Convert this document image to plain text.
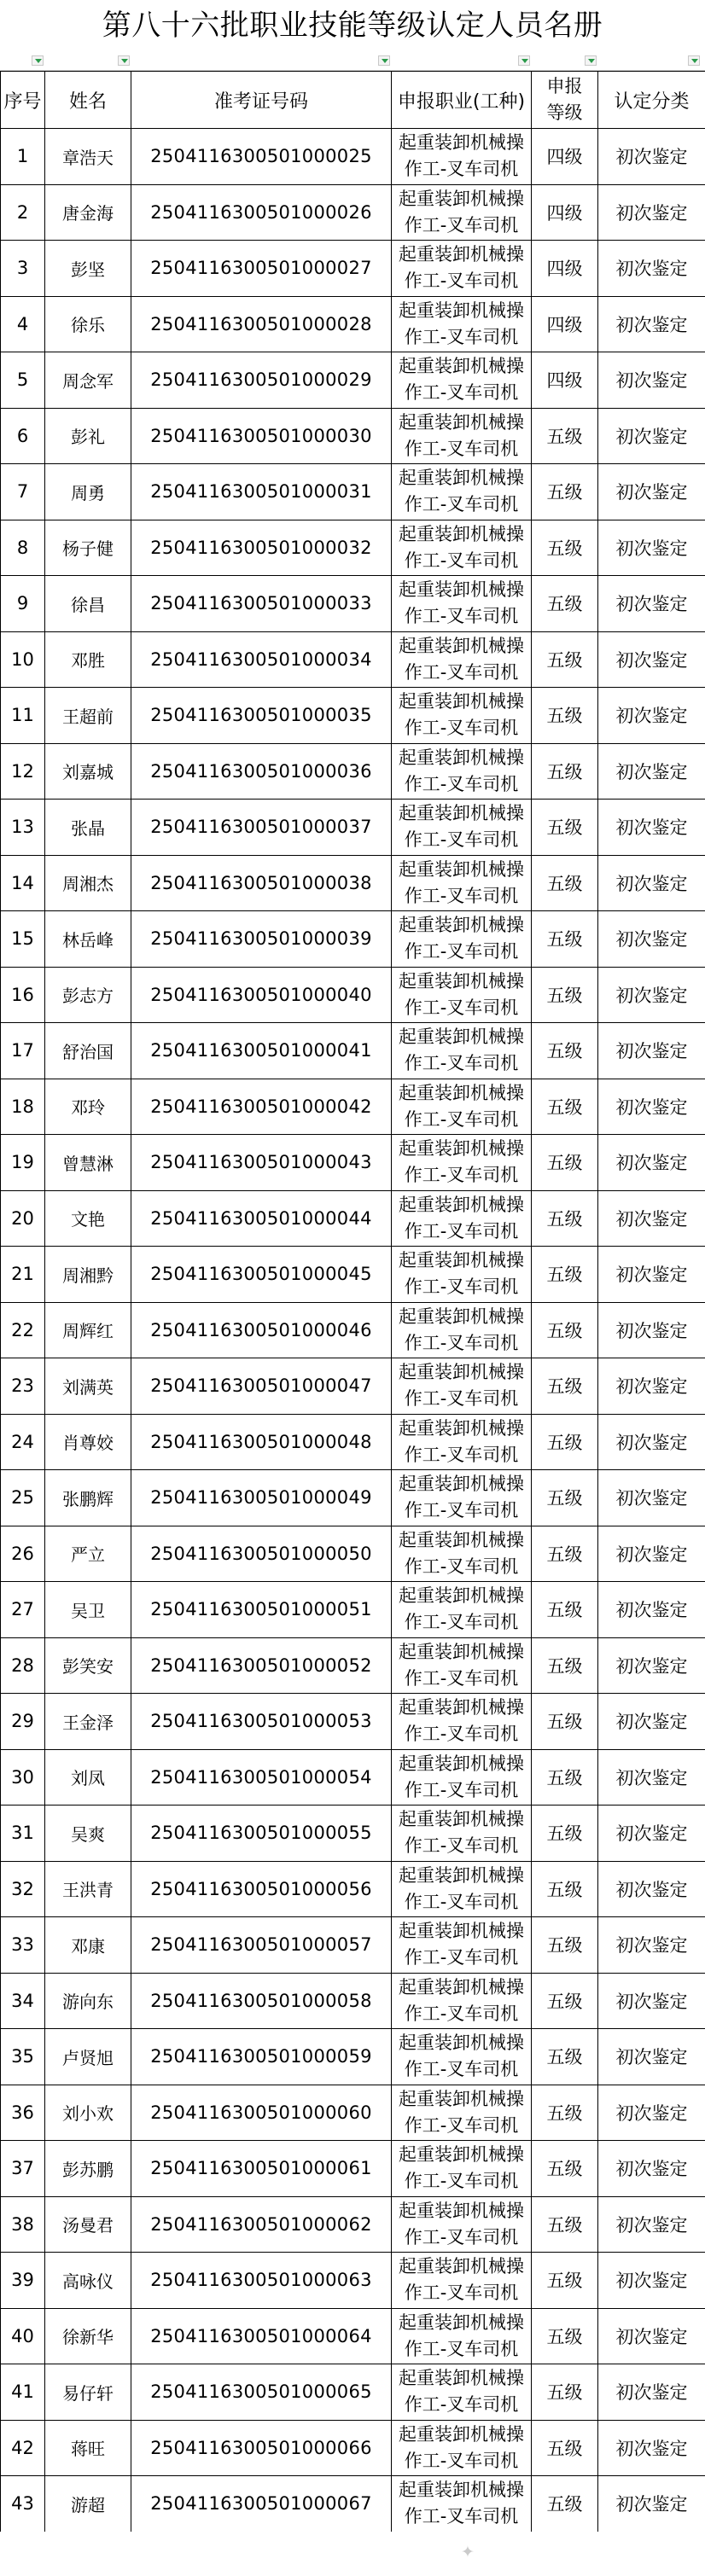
第八十六批职业技能等级认定人员名册
序号	姓名	准考证号码	申报职业(工种)	申报
等级	认定分类
1	章浩天	2504116300501000025	起重装卸机械操
作工-叉车司机	四级	初次鉴定
2	唐金海	2504116300501000026	起重装卸机械操
作工-叉车司机	四级	初次鉴定
3	彭坚	2504116300501000027	起重装卸机械操
作工-叉车司机	四级	初次鉴定
4	徐乐	2504116300501000028	起重装卸机械操
作工-叉车司机	四级	初次鉴定
5	周念军	2504116300501000029	起重装卸机械操
作工-叉车司机	四级	初次鉴定
6	彭礼	2504116300501000030	起重装卸机械操
作工-叉车司机	五级	初次鉴定
7	周勇	2504116300501000031	起重装卸机械操
作工-叉车司机	五级	初次鉴定
8	杨子健	2504116300501000032	起重装卸机械操
作工-叉车司机	五级	初次鉴定
9	徐昌	2504116300501000033	起重装卸机械操
作工-叉车司机	五级	初次鉴定
10	邓胜	2504116300501000034	起重装卸机械操
作工-叉车司机	五级	初次鉴定
11	王超前	2504116300501000035	起重装卸机械操
作工-叉车司机	五级	初次鉴定
12	刘嘉城	2504116300501000036	起重装卸机械操
作工-叉车司机	五级	初次鉴定
13	张晶	2504116300501000037	起重装卸机械操
作工-叉车司机	五级	初次鉴定
14	周湘杰	2504116300501000038	起重装卸机械操
作工-叉车司机	五级	初次鉴定
15	林岳峰	2504116300501000039	起重装卸机械操
作工-叉车司机	五级	初次鉴定
16	彭志方	2504116300501000040	起重装卸机械操
作工-叉车司机	五级	初次鉴定
17	舒治国	2504116300501000041	起重装卸机械操
作工-叉车司机	五级	初次鉴定
18	邓玲	2504116300501000042	起重装卸机械操
作工-叉车司机	五级	初次鉴定
19	曾慧淋	2504116300501000043	起重装卸机械操
作工-叉车司机	五级	初次鉴定
20	文艳	2504116300501000044	起重装卸机械操
作工-叉车司机	五级	初次鉴定
21	周湘黔	2504116300501000045	起重装卸机械操
作工-叉车司机	五级	初次鉴定
22	周辉红	2504116300501000046	起重装卸机械操
作工-叉车司机	五级	初次鉴定
23	刘满英	2504116300501000047	起重装卸机械操
作工-叉车司机	五级	初次鉴定
24	肖尊姣	2504116300501000048	起重装卸机械操
作工-叉车司机	五级	初次鉴定
25	张鹏辉	2504116300501000049	起重装卸机械操
作工-叉车司机	五级	初次鉴定
26	严立	2504116300501000050	起重装卸机械操
作工-叉车司机	五级	初次鉴定
27	吴卫	2504116300501000051	起重装卸机械操
作工-叉车司机	五级	初次鉴定
28	彭笑安	2504116300501000052	起重装卸机械操
作工-叉车司机	五级	初次鉴定
29	王金泽	2504116300501000053	起重装卸机械操
作工-叉车司机	五级	初次鉴定
30	刘凤	2504116300501000054	起重装卸机械操
作工-叉车司机	五级	初次鉴定
31	吴爽	2504116300501000055	起重装卸机械操
作工-叉车司机	五级	初次鉴定
32	王洪青	2504116300501000056	起重装卸机械操
作工-叉车司机	五级	初次鉴定
33	邓康	2504116300501000057	起重装卸机械操
作工-叉车司机	五级	初次鉴定
34	游向东	2504116300501000058	起重装卸机械操
作工-叉车司机	五级	初次鉴定
35	卢贤旭	2504116300501000059	起重装卸机械操
作工-叉车司机	五级	初次鉴定
36	刘小欢	2504116300501000060	起重装卸机械操
作工-叉车司机	五级	初次鉴定
37	彭苏鹏	2504116300501000061	起重装卸机械操
作工-叉车司机	五级	初次鉴定
38	汤曼君	2504116300501000062	起重装卸机械操
作工-叉车司机	五级	初次鉴定
39	高咏仪	2504116300501000063	起重装卸机械操
作工-叉车司机	五级	初次鉴定
40	徐新华	2504116300501000064	起重装卸机械操
作工-叉车司机	五级	初次鉴定
41	易仔轩	2504116300501000065	起重装卸机械操
作工-叉车司机	五级	初次鉴定
42	蒋旺	2504116300501000066	起重装卸机械操
作工-叉车司机	五级	初次鉴定
43	游超	2504116300501000067	起重装卸机械操
作工-叉车司机	五级	初次鉴定
✦
